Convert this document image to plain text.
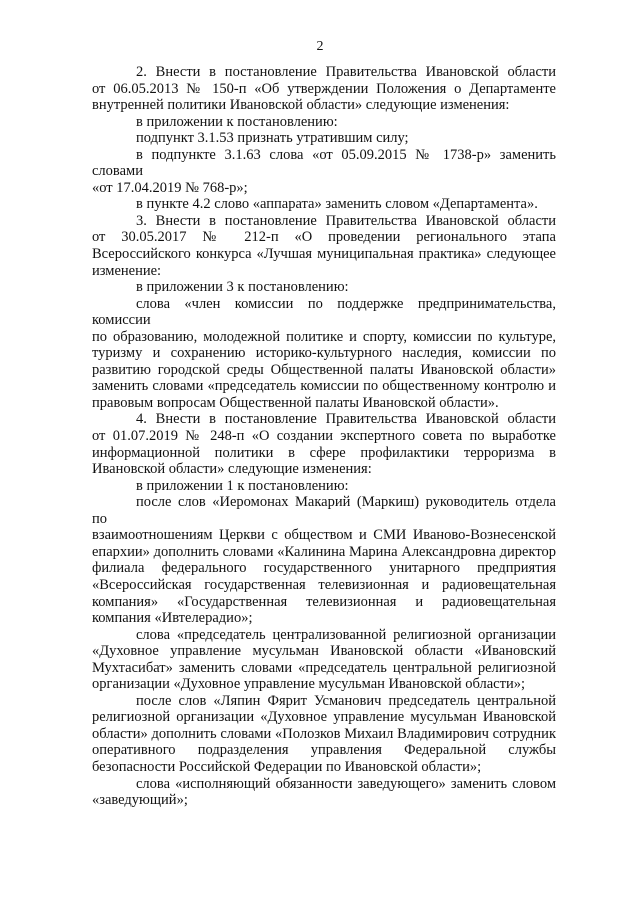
2
2. Внести в постановление Правительства Ивановской области
от 06.05.2013 № 150-п «Об утверждении Положения о Департаменте
внутренней политики Ивановской области» следующие изменения:
в приложении к постановлению:
подпункт 3.1.53 признать утратившим силу;
в подпункте 3.1.63 слова «от 05.09.2015 № 1738-р» заменить словами
«от 17.04.2019 № 768-р»;
в пункте 4.2 слово «аппарата» заменить словом «Департамента».
3. Внести в постановление Правительства Ивановской области
от 30.05.2017 № 212-п «О проведении регионального этапа
Всероссийского конкурса «Лучшая муниципальная практика» следующее
изменение:
в приложении 3 к постановлению:
слова «член комиссии по поддержке предпринимательства, комиссии
по образованию, молодежной политике и спорту, комиссии по культуре,
туризму и сохранению историко-культурного наследия, комиссии по
развитию городской среды Общественной палаты Ивановской области»
заменить словами «председатель комиссии по общественному контролю и
правовым вопросам Общественной палаты Ивановской области».
4. Внести в постановление Правительства Ивановской области
от 01.07.2019 № 248-п «О создании экспертного совета по выработке
информационной политики в сфере профилактики терроризма в
Ивановской области» следующие изменения:
в приложении 1 к постановлению:
после слов «Иеромонах Макарий (Маркиш) руководитель отдела по
взаимоотношениям Церкви с обществом и СМИ Иваново-Вознесенской
епархии» дополнить словами «Калинина Марина Александровна директор
филиала федерального государственного унитарного предприятия
«Всероссийская государственная телевизионная и радиовещательная
компания» «Государственная телевизионная и радиовещательная
компания «Ивтелерадио»;
слова «председатель централизованной религиозной организации
«Духовное управление мусульман Ивановской области «Ивановский
Мухтасибат» заменить словами «председатель центральной религиозной
организации «Духовное управление мусульман Ивановской области»;
после слов «Ляпин Фярит Усманович председатель центральной
религиозной организации «Духовное управление мусульман Ивановской
области» дополнить словами «Полозков Михаил Владимирович сотрудник
оперативного подразделения управления Федеральной службы
безопасности Российской Федерации по Ивановской области»;
слова «исполняющий обязанности заведующего» заменить словом
«заведующий»;
